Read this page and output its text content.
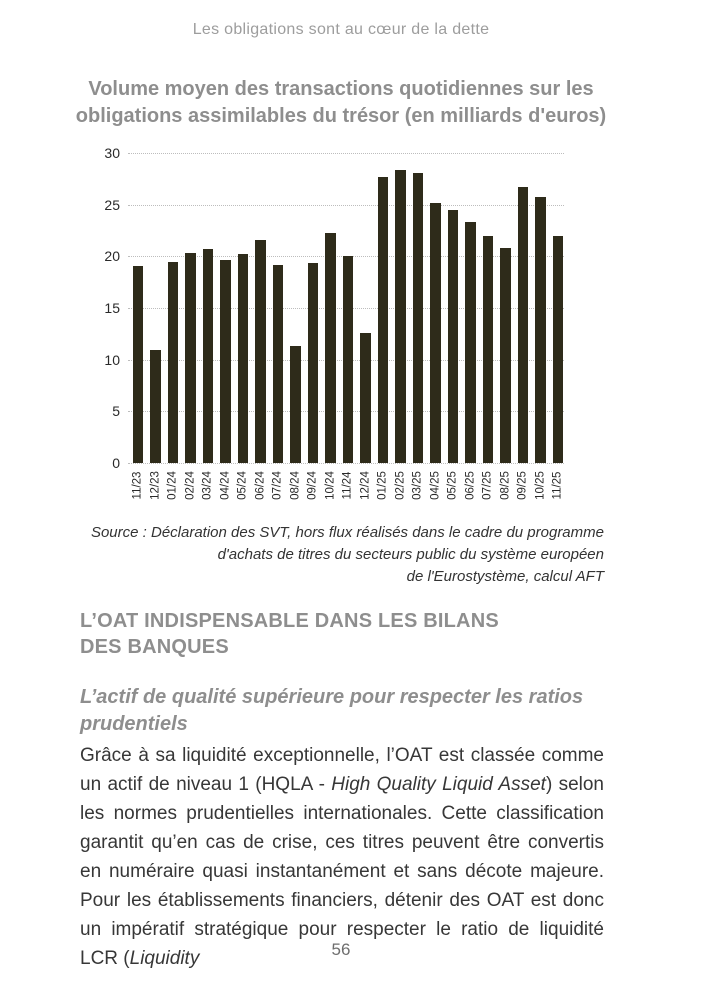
Les obligations sont au cœur de la dette
Volume moyen des transactions quotidiennes sur les
obligations assimilables du trésor (en milliards d'euros)
0
5
10
15
20
25
30
11/23 12/23 01/24 02/24 03/24 04/24 05/24 06/24 07/24 08/24 09/24 10/24 11/24 12/24 01/25 02/25 03/25 04/25 05/25 06/25 07/25 08/25 09/25 10/25 11/25
Source : Déclaration des SVT, hors flux réalisés dans le cadre du programme
d'achats de titres du secteurs public du système européen
de l'Eurostystème, calcul AFT
L’OAT INDISPENSABLE DANS LES BILANS
DES BANQUES
L’actif de qualité supérieure pour respecter les ratios prudentiels

Grâce à sa liquidité exceptionnelle, l’OAT est classée comme un actif de niveau 1 (HQLA - High Quality Liquid Asset) selon les normes prudentielles internationales. Cette classification garantit qu’en cas de crise, ces titres peuvent être convertis en numéraire quasi instantanément et sans décote majeure. Pour les établissements financiers, détenir des OAT est donc un impératif stratégique pour respecter le ratio de liquidité LCR (Liquidity	56
